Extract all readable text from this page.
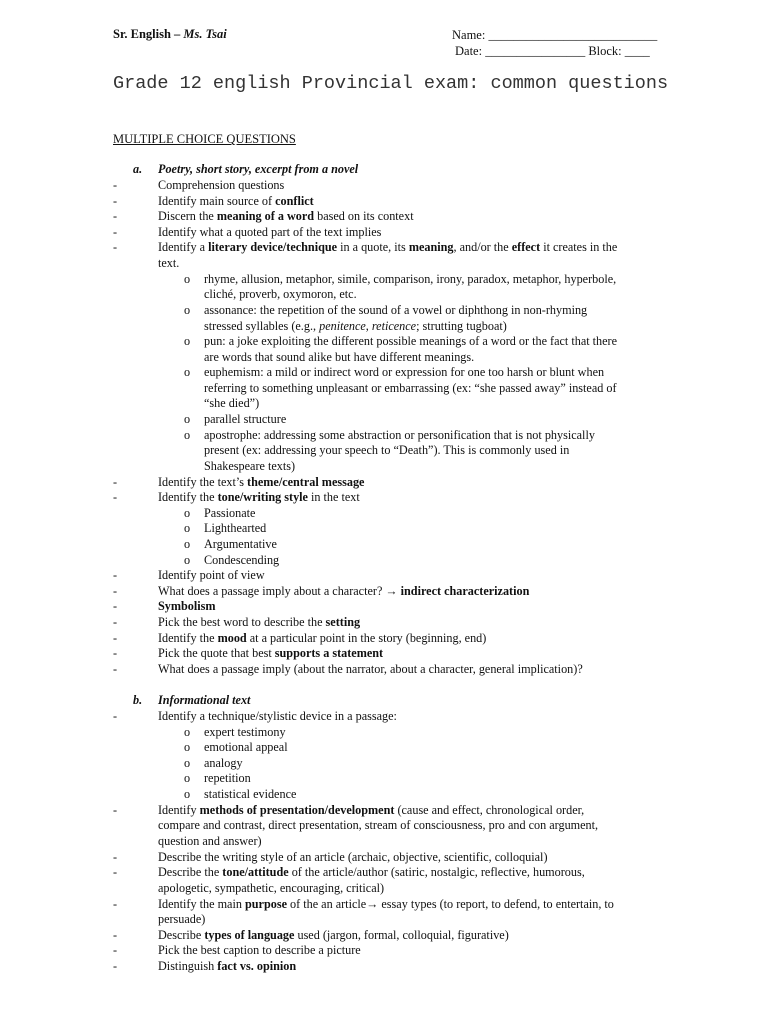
Sr. English – Ms. Tsai	Name: ___________________________
Date: ________________ Block: ____
Grade 12 english Provincial exam: common questions
MULTIPLE CHOICE QUESTIONS
a. Poetry, short story, excerpt from a novel
-	Comprehension questions
-	Identify main source of conflict
-	Discern the meaning of a word based on its context
-	Identify what a quoted part of the text implies
-	Identify a literary device/technique in a quote, its meaning, and/or the effect it creates in the
text.
o rhyme, allusion, metaphor, simile, comparison, irony, paradox, metaphor, hyperbole,
cliché, proverb, oxymoron, etc.
o assonance: the repetition of the sound of a vowel or diphthong in non-rhyming
stressed syllables (e.g., penitence, reticence; strutting tugboat)
o pun: a joke exploiting the different possible meanings of a word or the fact that there
are words that sound alike but have different meanings.
o euphemism: a mild or indirect word or expression for one too harsh or blunt when
referring to something unpleasant or embarrassing (ex: “she passed away” instead of
“she died”)
o parallel structure
o apostrophe: addressing some abstraction or personification that is not physically
present (ex: addressing your speech to “Death”). This is commonly used in
Shakespeare texts)
-	Identify the text’s theme/central message
-	Identify the tone/writing style in the text
o Passionate
o Lighthearted
o Argumentative
o Condescending
-	Identify point of view
-	What does a passage imply about a character? → indirect characterization
-	Symbolism
-	Pick the best word to describe the setting
-	Identify the mood at a particular point in the story (beginning, end)
-	Pick the quote that best supports a statement
-	What does a passage imply (about the narrator, about a character, general implication)?
b. Informational text
-	Identify a technique/stylistic device in a passage:
o expert testimony
o emotional appeal
o analogy
o repetition
o statistical evidence
-	Identify methods of presentation/development (cause and effect, chronological order,
compare and contrast, direct presentation, stream of consciousness, pro and con argument,
question and answer)
-	Describe the writing style of an article (archaic, objective, scientific, colloquial)
-	Describe the tone/attitude of the article/author (satiric, nostalgic, reflective, humorous,
apologetic, sympathetic, encouraging, critical)
-	Identify the main purpose of the an article→ essay types (to report, to defend, to entertain, to
persuade)
-	Describe types of language used (jargon, formal, colloquial, figurative)
-	Pick the best caption to describe a picture
-	Distinguish fact vs. opinion
